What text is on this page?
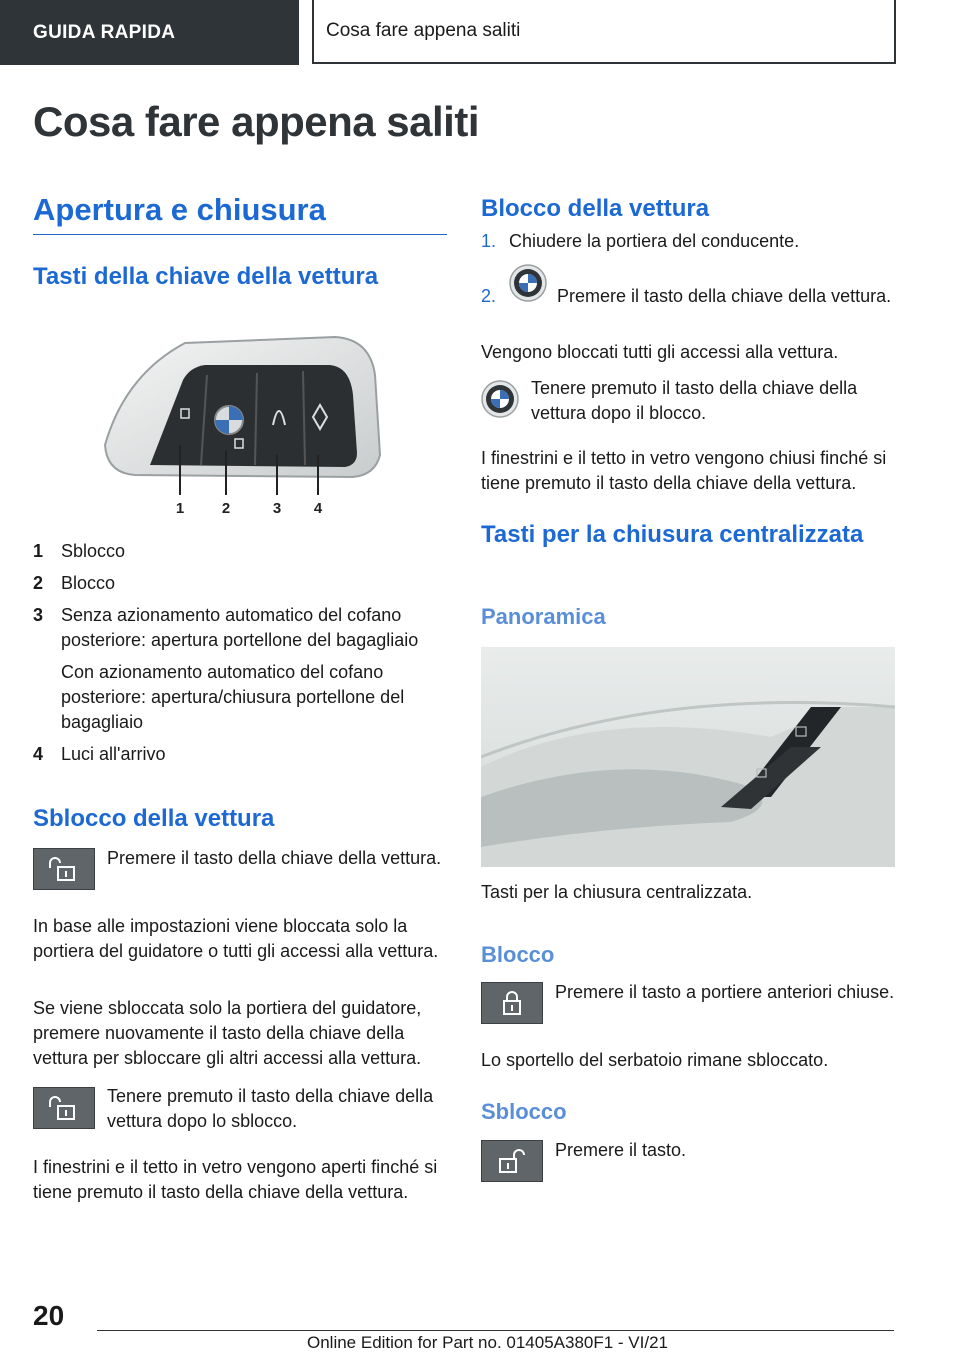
GUIDA RAPIDA	Cosa fare appena saliti
Cosa fare appena saliti
Apertura e chiusura
Tasti della chiave della vettura
1	2	3 4

1 Sblocco

2 Blocco

3 Senza azionamento automatico del cofano posteriore: apertura portellone del bagagliaio

Con azionamento automatico del cofano posteriore: apertura/chiusura portellone del bagagliaio

4 Luci all'arrivo

Sblocco della vettura

Premere il tasto della chiave della vettura.

In base alle impostazioni viene bloccata solo la portiera del guidatore o tutti gli accessi alla vettura.

Se viene sbloccata solo la portiera del guidatore, premere nuovamente il tasto della chiave della vettura per sbloccare gli altri accessi alla vettura.

Tenere premuto il tasto della chiave della vettura dopo lo sblocco.

I finestrini e il tetto in vetro vengono aperti finché si tiene premuto il tasto della chiave della vettura.

Blocco della vettura

1. Chiudere la portiera del conducente.

2.	Premere il tasto della chiave della vettura.

Vengono bloccati tutti gli accessi alla vettura.

Tenere premuto il tasto della chiave della vettura dopo il blocco.

I finestrini e il tetto in vetro vengono chiusi finché si tiene premuto il tasto della chiave della vettura.

Tasti per la chiusura centralizzata
Panoramica

Tasti per la chiusura centralizzata.

Blocco

Premere il tasto a portiere anteriori chiuse.

Lo sportello del serbatoio rimane sbloccato.

Sblocco

Premere il tasto.

20

Online Edition for Part no. 01405A380F1 - VI/21
